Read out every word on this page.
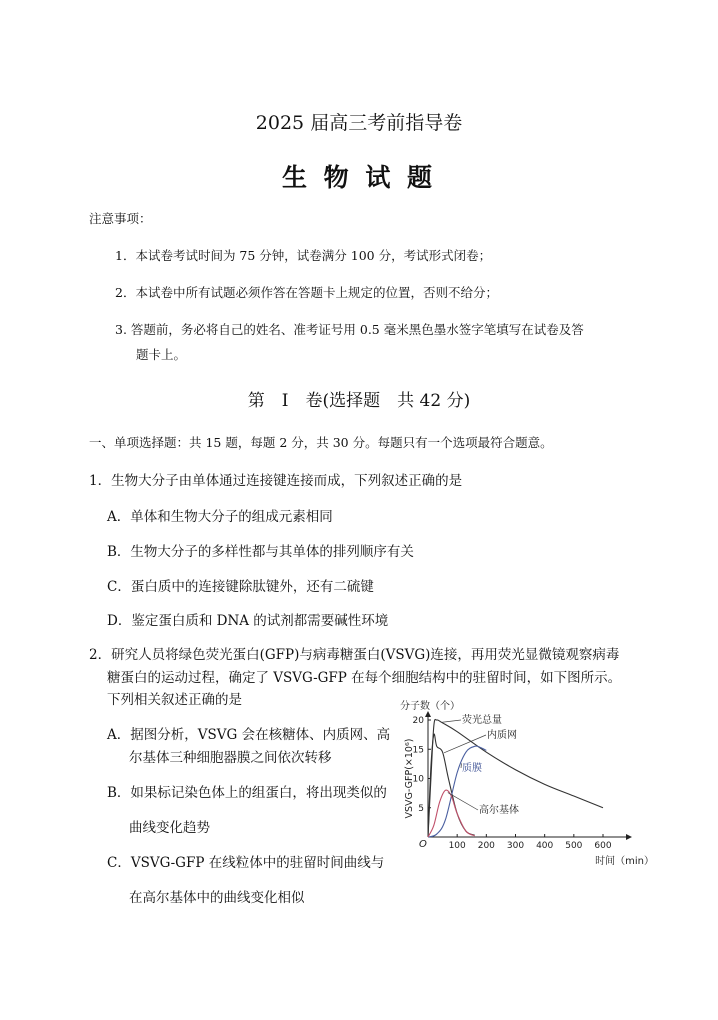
2025 届高三考前指导卷
生 物 试 题
注意事项：
1．本试卷考试时间为 75 分钟，试卷满分 100 分，考试形式闭卷；
2．本试卷中所有试题必须作答在答题卡上规定的位置，否则不给分；
3. 答题前，务必将自己的姓名、准考证号用 0.5 毫米黑色墨水签字笔填写在试卷及答
题卡上。
第　I　卷(选择题　共 42 分)
一、单项选择题：共 15 题，每题 2 分，共 30 分。每题只有一个选项最符合题意。
1．生物大分子由单体通过连接键连接而成，下列叙述正确的是
A．单体和生物大分子的组成元素相同
B．生物大分子的多样性都与其单体的排列顺序有关
C．蛋白质中的连接键除肽键外，还有二硫键
D．鉴定蛋白质和 DNA 的试剂都需要碱性环境
2．研究人员将绿色荧光蛋白(GFP)与病毒糖蛋白(VSVG)连接，再用荧光显微镜观察病毒
糖蛋白的运动过程，确定了 VSVG-GFP 在每个细胞结构中的驻留时间，如下图所示。
下列相关叙述正确的是
A．据图分析，VSVG 会在核糖体、内质网、高
尔基体三种细胞器膜之间依次转移
B．如果标记染色体上的组蛋白，将出现类似的
曲线变化趋势
C．VSVG-GFP 在线粒体中的驻留时间曲线与
在高尔基体中的曲线变化相似
O 100 200 300 400 500 600
5
10
15
20
分子数（个）
VSVG-GFP(×10⁶)
时间（min）
荧光总量
内质网
质膜
高尔基体
